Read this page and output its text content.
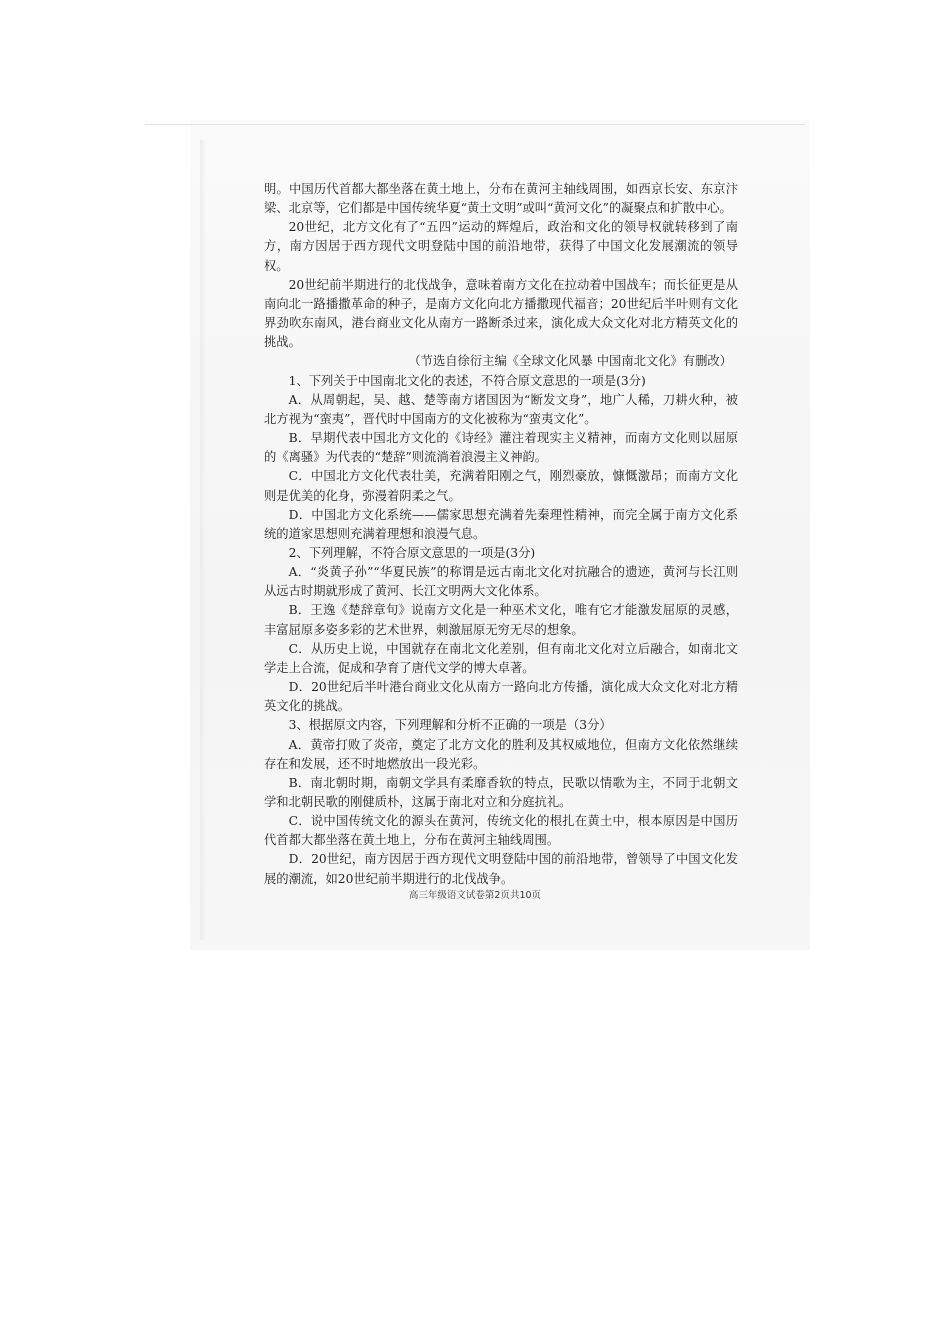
明。中国历代首都大都坐落在黄土地上，分布在黄河主轴线周围，如西京长安、东京汴梁、北京等，它们都是中国传统华夏“黄土文明”或叫“黄河文化”的凝聚点和扩散中心。

20世纪，北方文化有了“五四”运动的辉煌后，政治和文化的领导权就转移到了南方，南方因居于西方现代文明登陆中国的前沿地带，获得了中国文化发展潮流的领导权。

20世纪前半期进行的北伐战争，意味着南方文化在拉动着中国战车；而长征更是从南向北一路播撒革命的种子，是南方文化向北方播撒现代福音；20世纪后半叶则有文化界劲吹东南风，港台商业文化从南方一路断杀过来，演化成大众文化对北方精英文化的挑战。

（节选自徐衍主编《全球文化风暴 中国南北文化》有删改）

1、下列关于中国南北文化的表述，不符合原文意思的一项是(3分)

A．从周朝起，吴、越、楚等南方诸国因为“断发文身”，地广人稀，刀耕火种，被北方视为“蛮夷”，晋代时中国南方的文化被称为“蛮夷文化”。

B．早期代表中国北方文化的《诗经》灌注着现实主义精神，而南方文化则以屈原的《离骚》为代表的“楚辞”则流淌着浪漫主义神韵。

C．中国北方文化代表壮美，充满着阳刚之气，刚烈豪放，慷慨激昂；而南方文化则是优美的化身，弥漫着阴柔之气。

D．中国北方文化系统——儒家思想充满着先秦理性精神，而完全属于南方文化系统的道家思想则充满着理想和浪漫气息。

2、下列理解，不符合原文意思的一项是(3分)

A．“炎黄子孙”“华夏民族”的称谓是远古南北文化对抗融合的遗迹，黄河与长江则从远古时期就形成了黄河、长江文明两大文化体系。

B．王逸《楚辞章句》说南方文化是一种巫术文化，唯有它才能激发屈原的灵感，丰富屈原多姿多彩的艺术世界，刺激屈原无穷无尽的想象。

C．从历史上说，中国就存在南北文化差别，但有南北文化对立后融合，如南北文学走上合流，促成和孕育了唐代文学的博大卓著。

D．20世纪后半叶港台商业文化从南方一路向北方传播，演化成大众文化对北方精英文化的挑战。

3、根据原文内容，下列理解和分析不正确的一项是（3分）

A．黄帝打败了炎帝，奠定了北方文化的胜利及其权威地位，但南方文化依然继续存在和发展，还不时地燃放出一段光彩。

B．南北朝时期，南朝文学具有柔靡香软的特点，民歌以情歌为主，不同于北朝文学和北朝民歌的刚健质朴，这属于南北对立和分庭抗礼。

C．说中国传统文化的源头在黄河，传统文化的根扎在黄土中，根本原因是中国历代首都大都坐落在黄土地上，分布在黄河主轴线周围。

D．20世纪，南方因居于西方现代文明登陆中国的前沿地带，曾领导了中国文化发展的潮流，如20世纪前半期进行的北伐战争。

高三年级语文试卷第2页共10页
